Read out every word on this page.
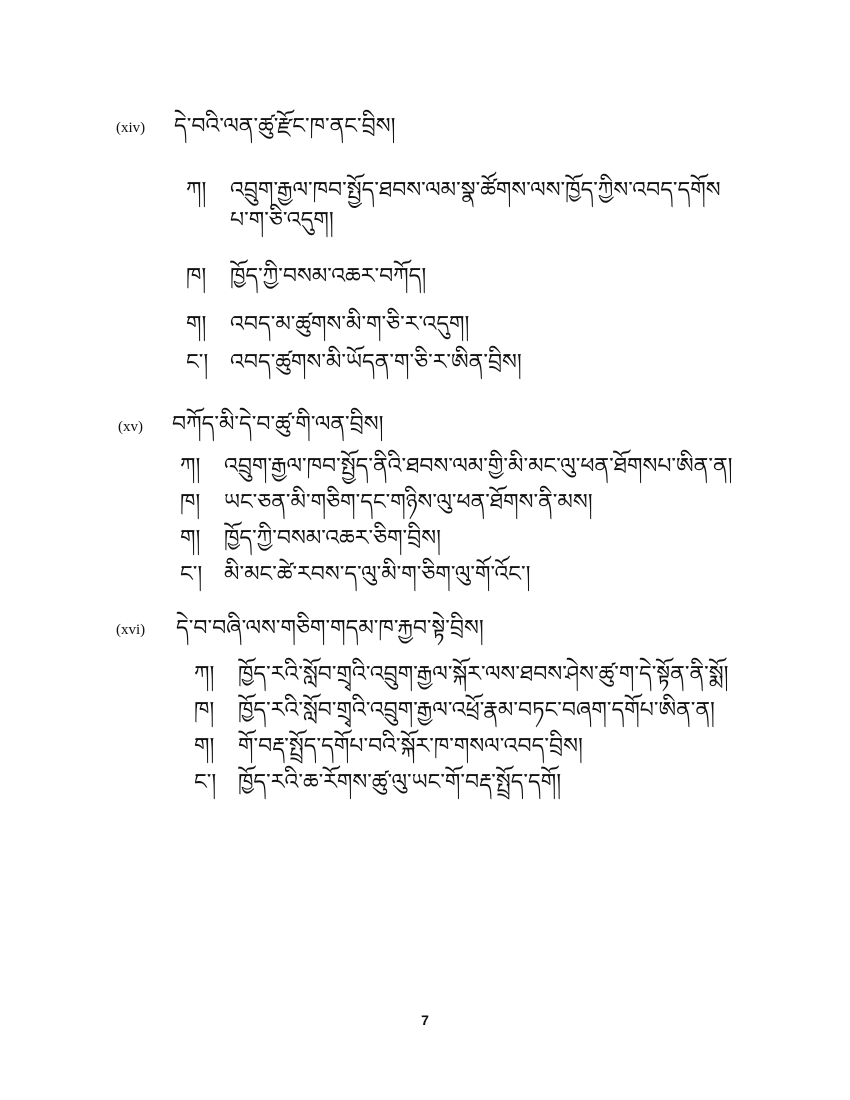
(xiv) དེ་བའི་ལན་ཚུ་རྫོང་ཁ་ནང་བྲིས།
ཀ།	འབྲུག་རྒྱལ་ཁབ་སྤྱོད་ཐབས་ལམ་སྣ་ཚོགས་ལས་ཁྱོད་ཀྱིས་འབད་དགོསཔ་ག་ཅི་འདུག།
ཁ།	ཁྱོད་ཀྱི་བསམ་འཆར་བཀོད།
ག།	འབད་མ་ཚུགས་མི་ག་ཅི་ར་འདུག།
ང་། འབད་ཚུགས་མི་ཡོདན་ག་ཅི་ར་ཨིན་བྲིས།
(xv) བཀོད་མི་དེ་བ་ཚུ་གི་ལན་བྲིས།
ཀ།	འབྲུག་རྒྱལ་ཁབ་སྤྱོད་ནིའི་ཐབས་ལམ་གྱི་མི་མང་ལུ་ཕན་ཐོགསཔ་ཨིན་ན།
ཁ།	ཡང་ཅན་མི་གཅིག་དང་གཉིས་ལུ་ཕན་ཐོགས་ནི་མས།
ག།	ཁྱོད་ཀྱི་བསམ་འཆར་ཅིག་བྲིས།
ང་། མི་མང་ཚེ་རབས་ད་ལུ་མི་ག་ཅིག་ལུ་གོ་འོང་།
(xvi) དེ་བ་བཞི་ལས་གཅིག་གདམ་ཁ་རྐྱབ་སྟེ་བྲིས།
ཀ།	ཁྱོད་རའི་སློབ་གྲྭའི་འབྲུག་རྒྱལ་སྐོར་ལས་ཐབས་ཤེས་ཚུ་ག་དེ་སྟོན་ནི་སྨོ།
ཁ།	ཁྱོད་རའི་སློབ་གྲྭའི་འབྲུག་རྒྱལ་འཕྲོ་རྣམ་བཏང་བཞག་དགོཔ་ཨིན་ན།
ག།	གོ་བརྡ་སྤྲོད་དགོཔ་བའི་སྐོར་ཁ་གསལ་འབད་བྲིས།
ང་། ཁྱོད་རའི་ཆ་རོགས་ཚུ་ལུ་ཡང་གོ་བརྡ་སྤྲོད་དགོ།
7
